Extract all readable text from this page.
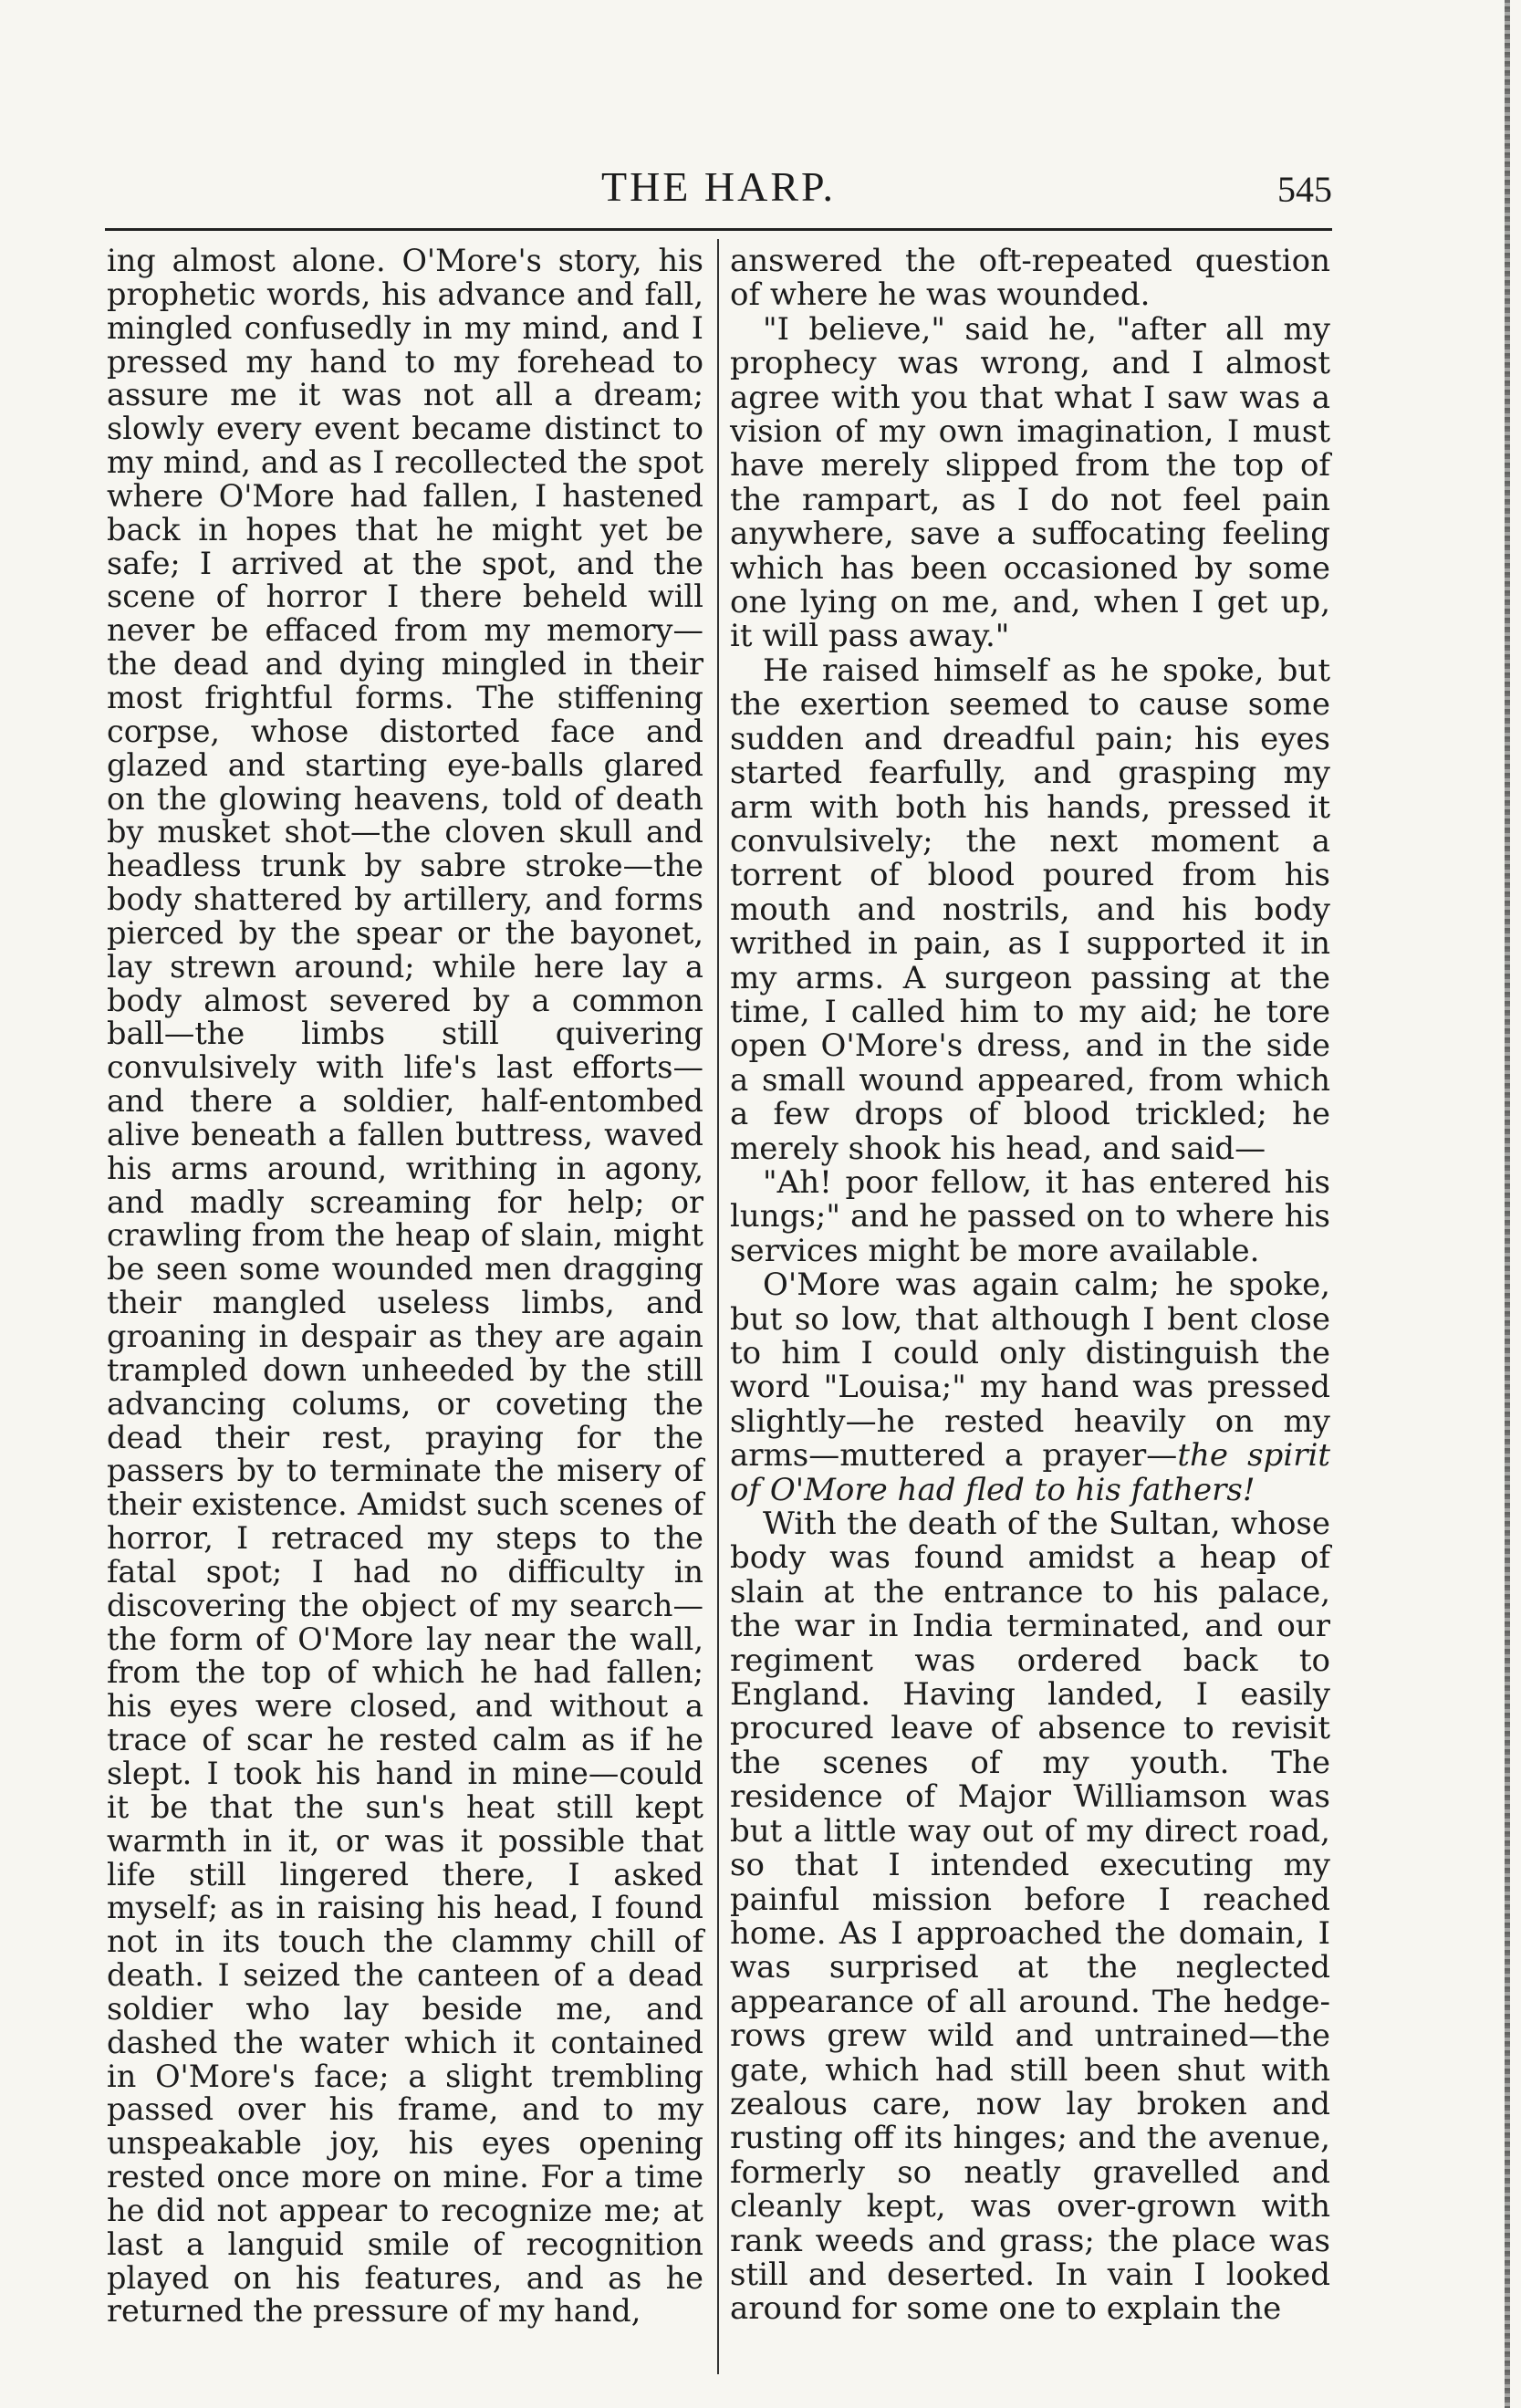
THE HARP.	545

ing almost alone. O'More's story, his prophetic words, his advance and fall, mingled confusedly in my mind, and I pressed my hand to my forehead to assure me it was not all a dream; slowly every event became distinct to my mind, and as I recollected the spot where O'More had fallen, I hastened back in hopes that he might yet be safe; I arrived at the spot, and the scene of horror I there beheld will never be effaced from my memory—the dead and dying mingled in their most frightful forms. The stiffening corpse, whose distorted face and glazed and starting eye-balls glared on the glowing heavens, told of death by musket shot—the cloven skull and headless trunk by sabre stroke—the body shattered by artillery, and forms pierced by the spear or the bayonet, lay strewn around; while here lay a body almost severed by a common ball—the limbs still quivering convulsively with life's last efforts—and there a soldier, half-entombed alive beneath a fallen buttress, waved his arms around, writhing in agony, and madly screaming for help; or crawling from the heap of slain, might be seen some wounded men dragging their mangled useless limbs, and groaning in despair as they are again trampled down unheeded by the still advancing colums, or coveting the dead their rest, praying for the passers by to terminate the misery of their existence. Amidst such scenes of horror, I retraced my steps to the fatal spot; I had no difficulty in discovering the object of my search—the form of O'More lay near the wall, from the top of which he had fallen; his eyes were closed, and without a trace of scar he rested calm as if he slept. I took his hand in mine—could it be that the sun's heat still kept warmth in it, or was it possible that life still lingered there, I asked myself; as in raising his head, I found not in its touch the clammy chill of death. I seized the canteen of a dead soldier who lay beside me, and dashed the water which it contained in O'More's face; a slight trembling passed over his frame, and to my unspeakable joy, his eyes opening rested once more on mine. For a time he did not appear to recognize me; at last a languid smile of recognition played on his features, and as he returned the pressure of my hand,

answered the oft-repeated question of where he was wounded.

"I believe," said he, "after all my prophecy was wrong, and I almost agree with you that what I saw was a vision of my own imagination, I must have merely slipped from the top of the rampart, as I do not feel pain anywhere, save a suffocating feeling which has been occasioned by some one lying on me, and, when I get up, it will pass away."

He raised himself as he spoke, but the exertion seemed to cause some sudden and dreadful pain; his eyes started fearfully, and grasping my arm with both his hands, pressed it convulsively; the next moment a torrent of blood poured from his mouth and nostrils, and his body writhed in pain, as I supported it in my arms. A surgeon passing at the time, I called him to my aid; he tore open O'More's dress, and in the side a small wound appeared, from which a few drops of blood trickled; he merely shook his head, and said—

"Ah! poor fellow, it has entered his lungs;" and he passed on to where his services might be more available.

O'More was again calm; he spoke, but so low, that although I bent close to him I could only distinguish the word "Louisa;" my hand was pressed slightly—he rested heavily on my arms—muttered a prayer—the spirit of O'More had fled to his fathers!

With the death of the Sultan, whose body was found amidst a heap of slain at the entrance to his palace, the war in India terminated, and our regiment was ordered back to England. Having landed, I easily procured leave of absence to revisit the scenes of my youth. The residence of Major Williamson was but a little way out of my direct road, so that I intended executing my painful mission before I reached home. As I approached the domain, I was surprised at the neglected appearance of all around. The hedge-rows grew wild and untrained—the gate, which had still been shut with zealous care, now lay broken and rusting off its hinges; and the avenue, formerly so neatly gravelled and cleanly kept, was over-grown with rank weeds and grass; the place was still and deserted. In vain I looked around for some one to explain the
